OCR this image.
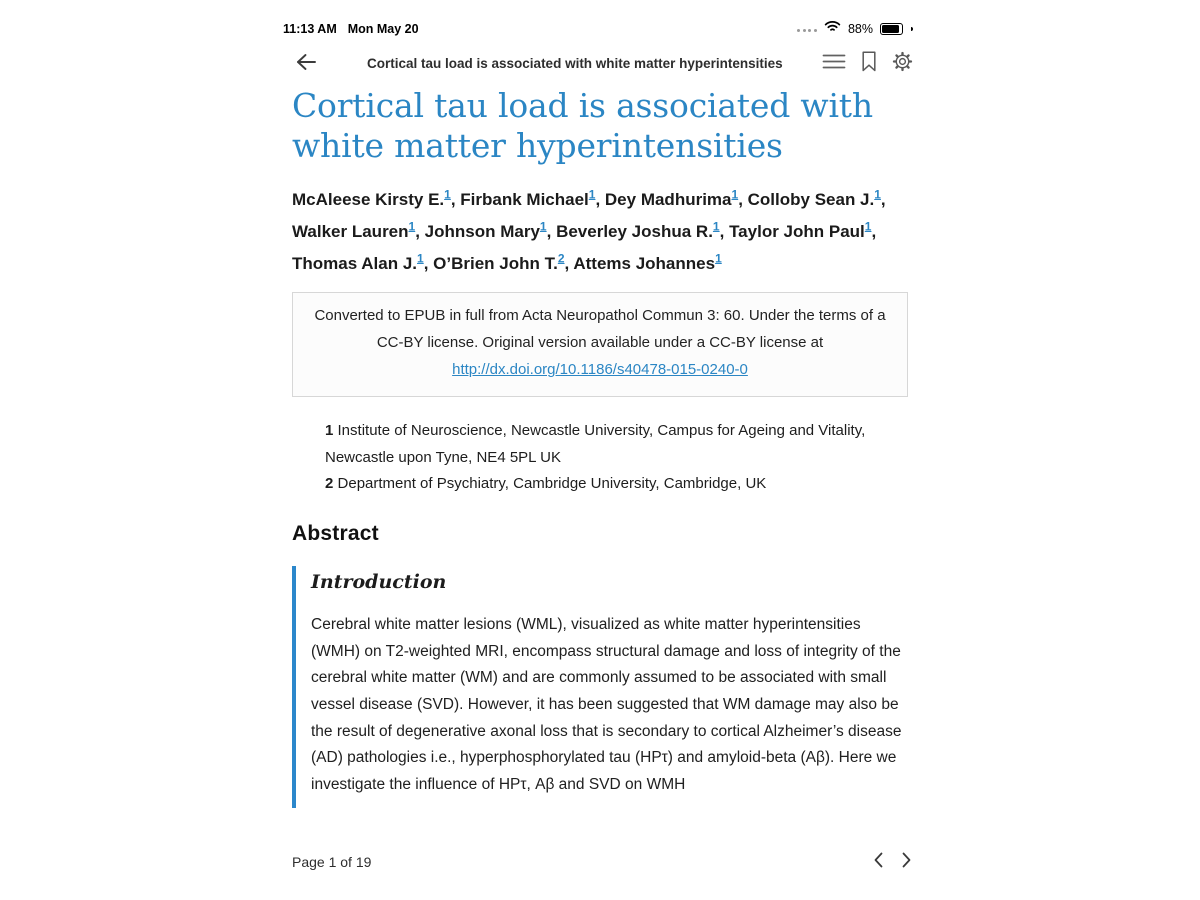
11:13 AM Mon May 20	88%
Cortical tau load is associated with white matter hyperintensities
Cortical tau load is associated with white matter hyperintensities
McAleese Kirsty E.$^1$ , Firbank Michael$^1$ , Dey Madhurima$^1$ , Colloby Sean J.$^1$ , Walker Lauren$^1$ , Johnson Mary$^1$ , Beverley Joshua R.$^1$ , Taylor John Paul$^1$ , Thomas Alan J.$^1$ , O’Brien John T.$^2$ , Attems Johannes$^1$
Converted to EPUB in full from Acta Neuropathol Commun 3: 60. Under the terms of a CC-BY license. Original version available under a CC-BY license at http://dx.doi.org/10.1186/s40478-015-0240-0
1 Institute of Neuroscience, Newcastle University, Campus for Ageing and Vitality, Newcastle upon Tyne, NE4 5PL UK
2 Department of Psychiatry, Cambridge University, Cambridge, UK
Abstract
Introduction

Cerebral white matter lesions (WML), visualized as white matter hyperintensities (WMH) on T2-weighted MRI, encompass structural damage and loss of integrity of the cerebral white matter (WM) and are commonly assumed to be associated with small vessel disease (SVD). However, it has been suggested that WM damage may also be the result of degenerative axonal loss that is secondary to cortical Alzheimer’s disease (AD) pathologies i.e., hyperphosphorylated tau (HPτ) and amyloid-beta (Aβ). Here we investigate the influence of HPτ, Aβ and SVD on WMH

Page 1 of 19
